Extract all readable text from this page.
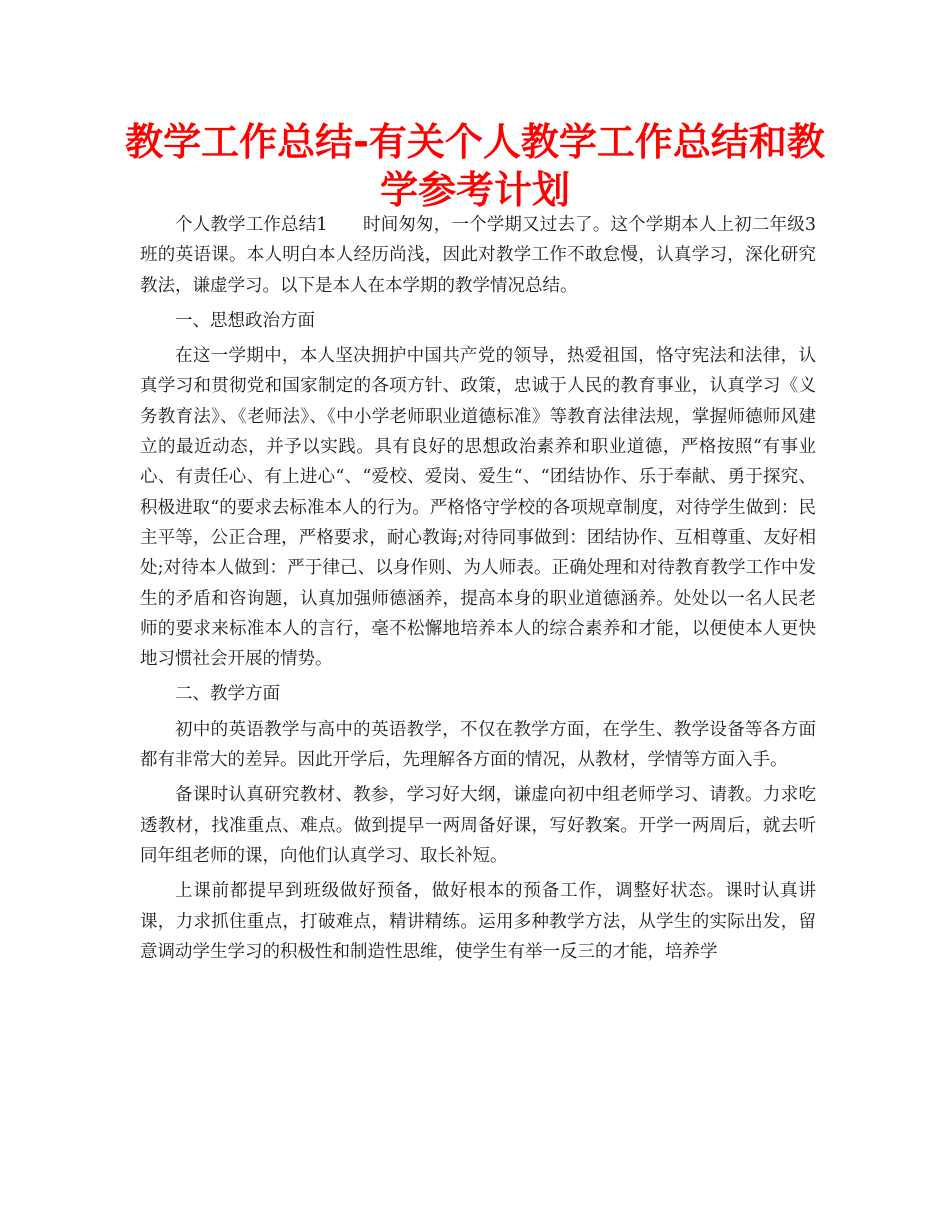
教学工作总结-有关个人教学工作总结和教学参考计划

个人教学工作总结1　　时间匆匆，一个学期又过去了。这个学期本人上初二年级3班的英语课。本人明白本人经历尚浅，因此对教学工作不敢怠慢，认真学习，深化研究教法，谦虚学习。以下是本人在本学期的教学情况总结。

一、思想政治方面

在这一学期中，本人坚决拥护中国共产党的领导，热爱祖国，恪守宪法和法律，认真学习和贯彻党和国家制定的各项方针、政策，忠诚于人民的教育事业，认真学习《义务教育法》、《老师法》、《中小学老师职业道德标准》等教育法律法规，掌握师德师风建立的最近动态，并予以实践。具有良好的思想政治素养和职业道德，严格按照“有事业心、有责任心、有上进心“、“爱校、爱岗、爱生“、“团结协作、乐于奉献、勇于探究、积极进取“的要求去标准本人的行为。严格恪守学校的各项规章制度，对待学生做到：民主平等，公正合理，严格要求，耐心教诲;对待同事做到：团结协作、互相尊重、友好相处;对待本人做到：严于律己、以身作则、为人师表。正确处理和对待教育教学工作中发生的矛盾和咨询题，认真加强师德涵养，提高本身的职业道德涵养。处处以一名人民老师的要求来标准本人的言行，毫不松懈地培养本人的综合素养和才能，以便使本人更快地习惯社会开展的情势。

二、教学方面

初中的英语教学与高中的英语教学，不仅在教学方面，在学生、教学设备等各方面都有非常大的差异。因此开学后，先理解各方面的情况，从教材，学情等方面入手。

备课时认真研究教材、教参，学习好大纲，谦虚向初中组老师学习、请教。力求吃透教材，找准重点、难点。做到提早一两周备好课，写好教案。开学一两周后，就去听同年组老师的课，向他们认真学习、取长补短。

上课前都提早到班级做好预备，做好根本的预备工作，调整好状态。课时认真讲课，力求抓住重点，打破难点，精讲精练。运用多种教学方法，从学生的实际出发，留意调动学生学习的积极性和制造性思维，使学生有举一反三的才能，培养学
